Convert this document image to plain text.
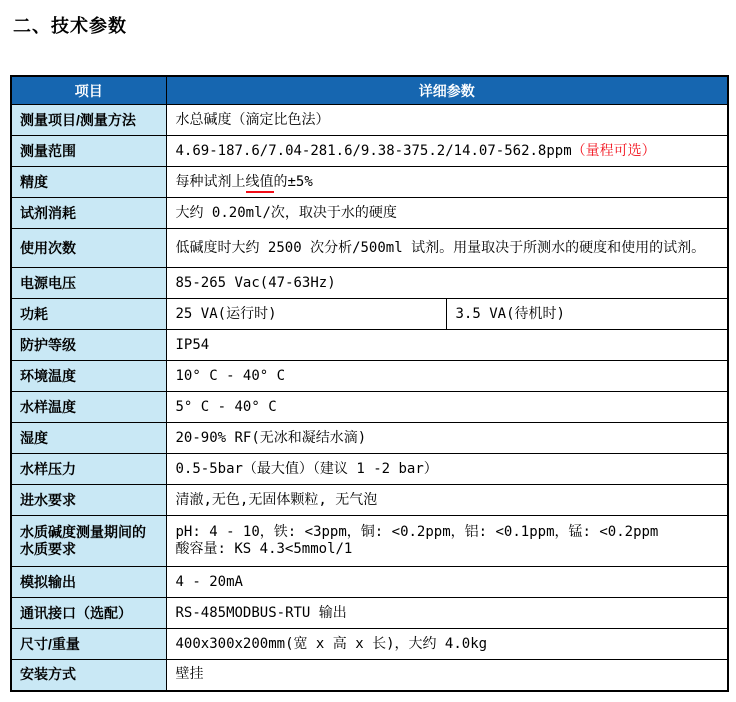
二、技术参数
项目	详细参数	
测量项目/测量方法	水总碱度（滴定比色法）	
测量范围	4.69-187.6/7.04-281.6/9.38-375.2/14.07-562.8ppm（量程可选）	
精度	每种试剂上线值的±5%	
试剂消耗	大约 0.20ml/次，取决于水的硬度	
使用次数	低碱度时大约 2500 次分析/500ml 试剂。用量取决于所测水的硬度和使用的试剂。	
电源电压	85-265 Vac(47-63Hz)	
功耗	25 VA(运行时)	3.5 VA(待机时)
防护等级	IP54	
环境温度	10° C - 40° C	
水样温度	5° C - 40° C	
湿度	20-90% RF(无冰和凝结水滴)	
水样压力	0.5-5bar（最大值）（建议 1 -2 bar）	
进水要求	清澈,无色,无固体颗粒, 无气泡	
水质碱度测量期间的水质要求	pH: 4 - 10，铁: <3ppm，铜: <0.2ppm，铝: <0.1ppm，锰: <0.2ppm
酸容量: KS 4.3<5mmol/1	
模拟输出	4 - 20mA	
通讯接口（选配）	RS-485MODBUS-RTU 输出	
尺寸/重量	400x300x200mm(宽 x 高 x 长)，大约 4.0kg	
安装方式	壁挂	
